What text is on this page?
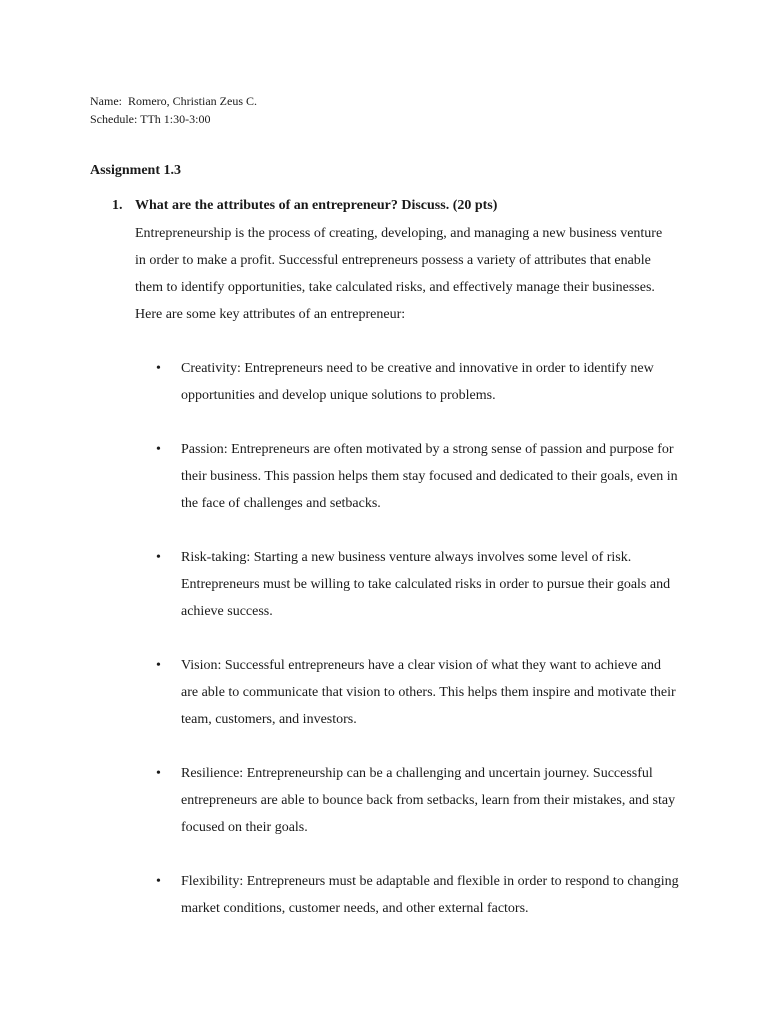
Name: Romero, Christian Zeus C.
Schedule: TTh 1:30-3:00
Assignment 1.3
1. What are the attributes of an entrepreneur? Discuss. (20 pts)

Entrepreneurship is the process of creating, developing, and managing a new business venture in order to make a profit. Successful entrepreneurs possess a variety of attributes that enable them to identify opportunities, take calculated risks, and effectively manage their businesses. Here are some key attributes of an entrepreneur:

• Creativity: Entrepreneurs need to be creative and innovative in order to identify new opportunities and develop unique solutions to problems.
• Passion: Entrepreneurs are often motivated by a strong sense of passion and purpose for their business. This passion helps them stay focused and dedicated to their goals, even in the face of challenges and setbacks.
• Risk-taking: Starting a new business venture always involves some level of risk. Entrepreneurs must be willing to take calculated risks in order to pursue their goals and achieve success.
• Vision: Successful entrepreneurs have a clear vision of what they want to achieve and are able to communicate that vision to others. This helps them inspire and motivate their team, customers, and investors.
• Resilience: Entrepreneurship can be a challenging and uncertain journey. Successful entrepreneurs are able to bounce back from setbacks, learn from their mistakes, and stay focused on their goals.
• Flexibility: Entrepreneurs must be adaptable and flexible in order to respond to changing market conditions, customer needs, and other external factors.
